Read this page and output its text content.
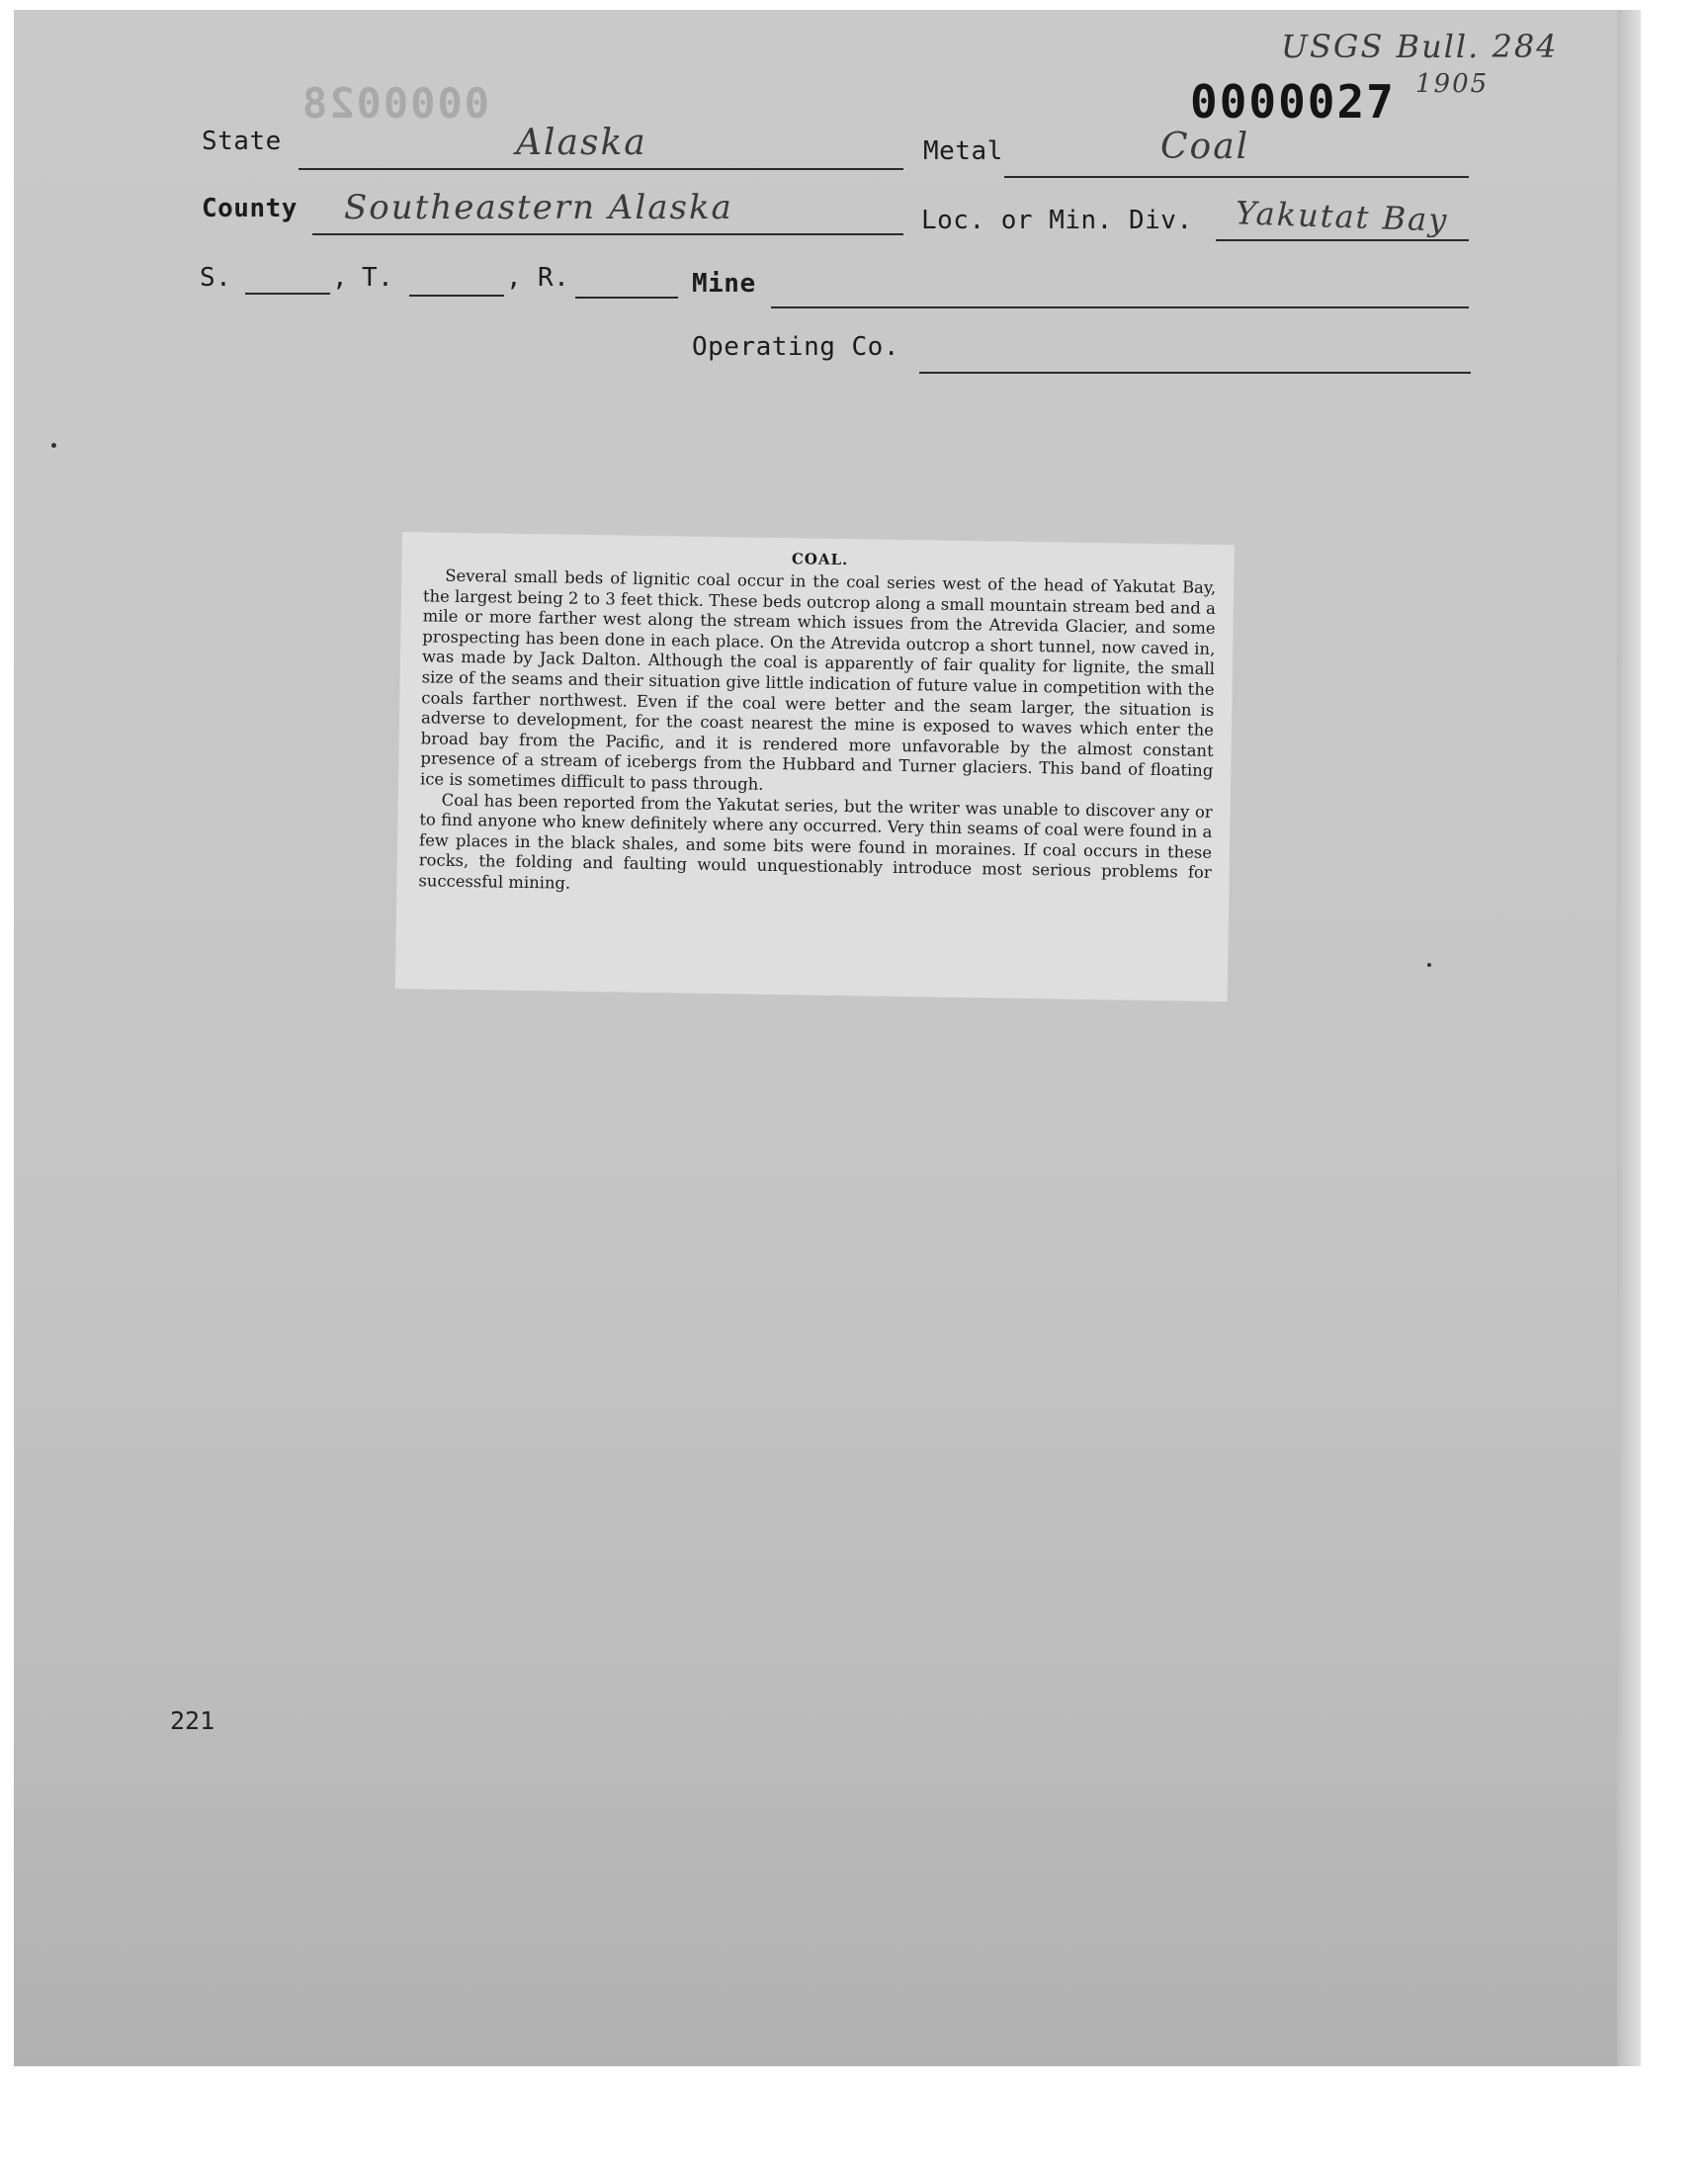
USGS Bull. 284
1905
0000028	0000027
State	Alaska	Metal	Coal
County Southeastern Alaska	Loc. or Min. Div. Yakutat Bay
S.	, T.	, R.	Mine
Operating Co.
COAL.

Several small beds of lignitic coal occur in the coal series west of the head of Yakutat Bay, the largest being 2 to 3 feet thick. These beds outcrop along a small mountain stream bed and a mile or more farther west along the stream which issues from the Atrevida Glacier, and some prospecting has been done in each place. On the Atrevida outcrop a short tunnel, now caved in, was made by Jack Dalton. Although the coal is apparently of fair quality for lignite, the small size of the seams and their situation give little indication of future value in competition with the coals farther northwest. Even if the coal were better and the seam larger, the situation is adverse to development, for the coast nearest the mine is exposed to waves which enter the broad bay from the Pacific, and it is rendered more unfavorable by the almost constant presence of a stream of icebergs from the Hubbard and Turner glaciers. This band of floating ice is sometimes difficult to pass through.

Coal has been reported from the Yakutat series, but the writer was unable to discover any or to find anyone who knew definitely where any occurred. Very thin seams of coal were found in a few places in the black shales, and some bits were found in moraines. If coal occurs in these rocks, the folding and faulting would unquestionably introduce most serious problems for successful mining.

221
